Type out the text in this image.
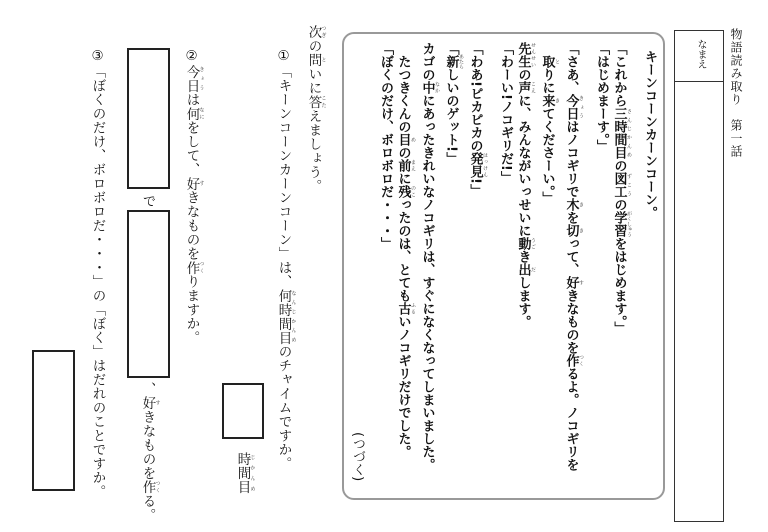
物語読み取り　第一話
なまえ
キーンコーンカーンコーン。
「これから三時間目 さんじかんめの図工 ずこうの学習 がくしゅうをはじめます。」
「はじめまーす。」
「さあ、今日 きょうはノコギリで木 きを切 きって、好 すきなものを作 つくるよ。ノコギリを
取 とりに来 きてくださーい。」
先生 せんせいの声 こえに、みんながいっせいに動 うごき出 だします。
「わーい!ノコギリだ!」
「わあ!ピカピカの発見 はっけん!」
「新 あたらしいのゲット!」
カゴの中 なかにあったきれいなノコギリは、すぐになくなってしまいました。
たつきくんの目 めの前 まえに残 のこったのは、とても古 ふるいノコギリだけでした。
「ぼくのだけ、ボロボロだ・・・」
(つづく)
次 つぎの問 といに答 こたえましょう。
①「キーンコーンカーンコーン」は、何時間目 なんじかんめのチャイムですか。
時間目 じかんめ
②今日 きょうは何 なにをして、好 すきなものを作 つくりますか。
で
、好 すきなものを作 つくる。
③「ぼくのだけ、ボロボロだ・・・」の「ぼく」はだれのことですか。
